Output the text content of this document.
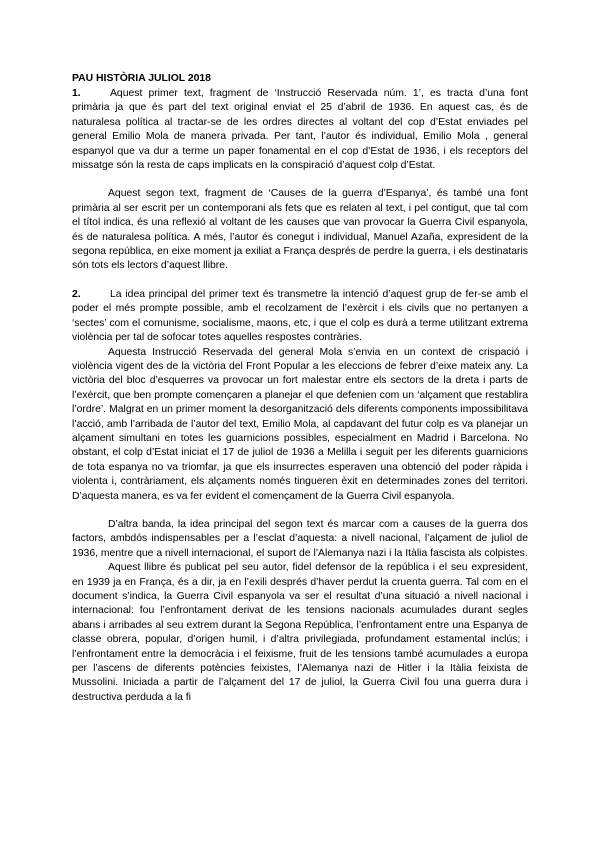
PAU HISTÒRIA JULIOL 2018

1.	Aquest primer text, fragment de ‘Instrucció Reservada núm. 1’, es tracta d’una font primària ja que és part del text original enviat el 25 d’abril de 1936. En aquest cas, és de naturalesa política al tractar-se de les ordres directes al voltant del cop d’Estat enviades pel general Emilio Mola de manera privada. Per tant, l’autor és individual, Emilio Mola , general espanyol que va dur a terme un paper fonamental en el cop d’Estat de 1936, i els receptors del missatge són la resta de caps implicats en la conspiració d’aquest colp d’Estat.

Aquest segon text, fragment de ‘Causes de la guerra d’Espanya’, és també una font primària al ser escrit per un contemporani als fets que es relaten al text, i pel contigut, que tal com el títol indica, és una reflexió al voltant de les causes que van provocar la Guerra Civil espanyola, és de naturalesa política. A més, l’autor és conegut i individual, Manuel Azaña, expresident de la segona república, en eixe moment ja exiliat a França després de perdre la guerra, i els destinataris són tots els lectors d’aquest llibre.

2.	La idea principal del primer text és transmetre la intenció d’aquest grup de fer-se amb el poder el més prompte possible, amb el recolzament de l’exèrcit i els civils que no pertanyen a ‘sectes’ com el comunisme, socialisme, maons, etc, i que el colp es durà a terme utilitzant extrema violència per tal de sofocar totes aquelles respostes contràries.

Aquesta Instrucció Reservada del general Mola s’envia en un context de crispació i violència vigent des de la victòria del Front Popular a les eleccions de febrer d’eixe mateix any. La victòria del bloc d’esquerres va provocar un fort malestar entre els sectors de la dreta i parts de l’exèrcit, que ben prompte començaren a planejar el que defenien com un ‘alçament que restablira l’ordre’. Malgrat en un primer moment la desorganització dels diferents components impossibilitava l’acció, amb l’arribada de l’autor del text, Emilio Mola, al capdavant del futur colp es va planejar un alçament simultani en totes les guarnicions possibles, especialment en Madrid i Barcelona. No obstant, el colp d’Estat iniciat el 17 de juliol de 1936 a Melilla i seguit per les diferents guarnicions de tota espanya no va triomfar, ja que els insurrectes esperaven una obtenció del poder ràpida i violenta i, contràriament, els alçaments només tingueren èxit en determinades zones del territori. D’aquesta manera, es va fer evident el començament de la Guerra Civil espanyola.

D’altra banda, la idea principal del segon text és marcar com a causes de la guerra dos factors, ambdós indispensables per a l’esclat d’aquesta: a nivell nacional, l’alçament de juliol de 1936, mentre que a nivell internacional, el suport de l’Alemanya nazi i la Itàlia fascista als colpistes.

Aquest llibre és publicat pel seu autor, fidel defensor de la república i el seu expresident, en 1939 ja en França, és a dir, ja en l’exili després d’haver perdut la cruenta guerra. Tal com en el document s’indica, la Guerra Civil espanyola va ser el resultat d’una situació a nivell nacional i internacional: fou l’enfrontament derivat de les tensions nacionals acumulades durant segles abans i arribades al seu extrem durant la Segona República, l’enfrontament entre una Espanya de classe obrera, popular, d’origen humil, i d’altra privilegiada, profundament estamental inclús; i l’enfrontament entre la democràcia i el feixisme, fruit de les tensions també acumulades a europa per l’ascens de diferents potències feixistes, l’Alemanya nazi de Hitler i la Itàlia feixista de Mussolini. Iniciada a partir de l’alçament del 17 de juliol, la Guerra Civil fou una guerra dura i destructiva perduda a la fi
